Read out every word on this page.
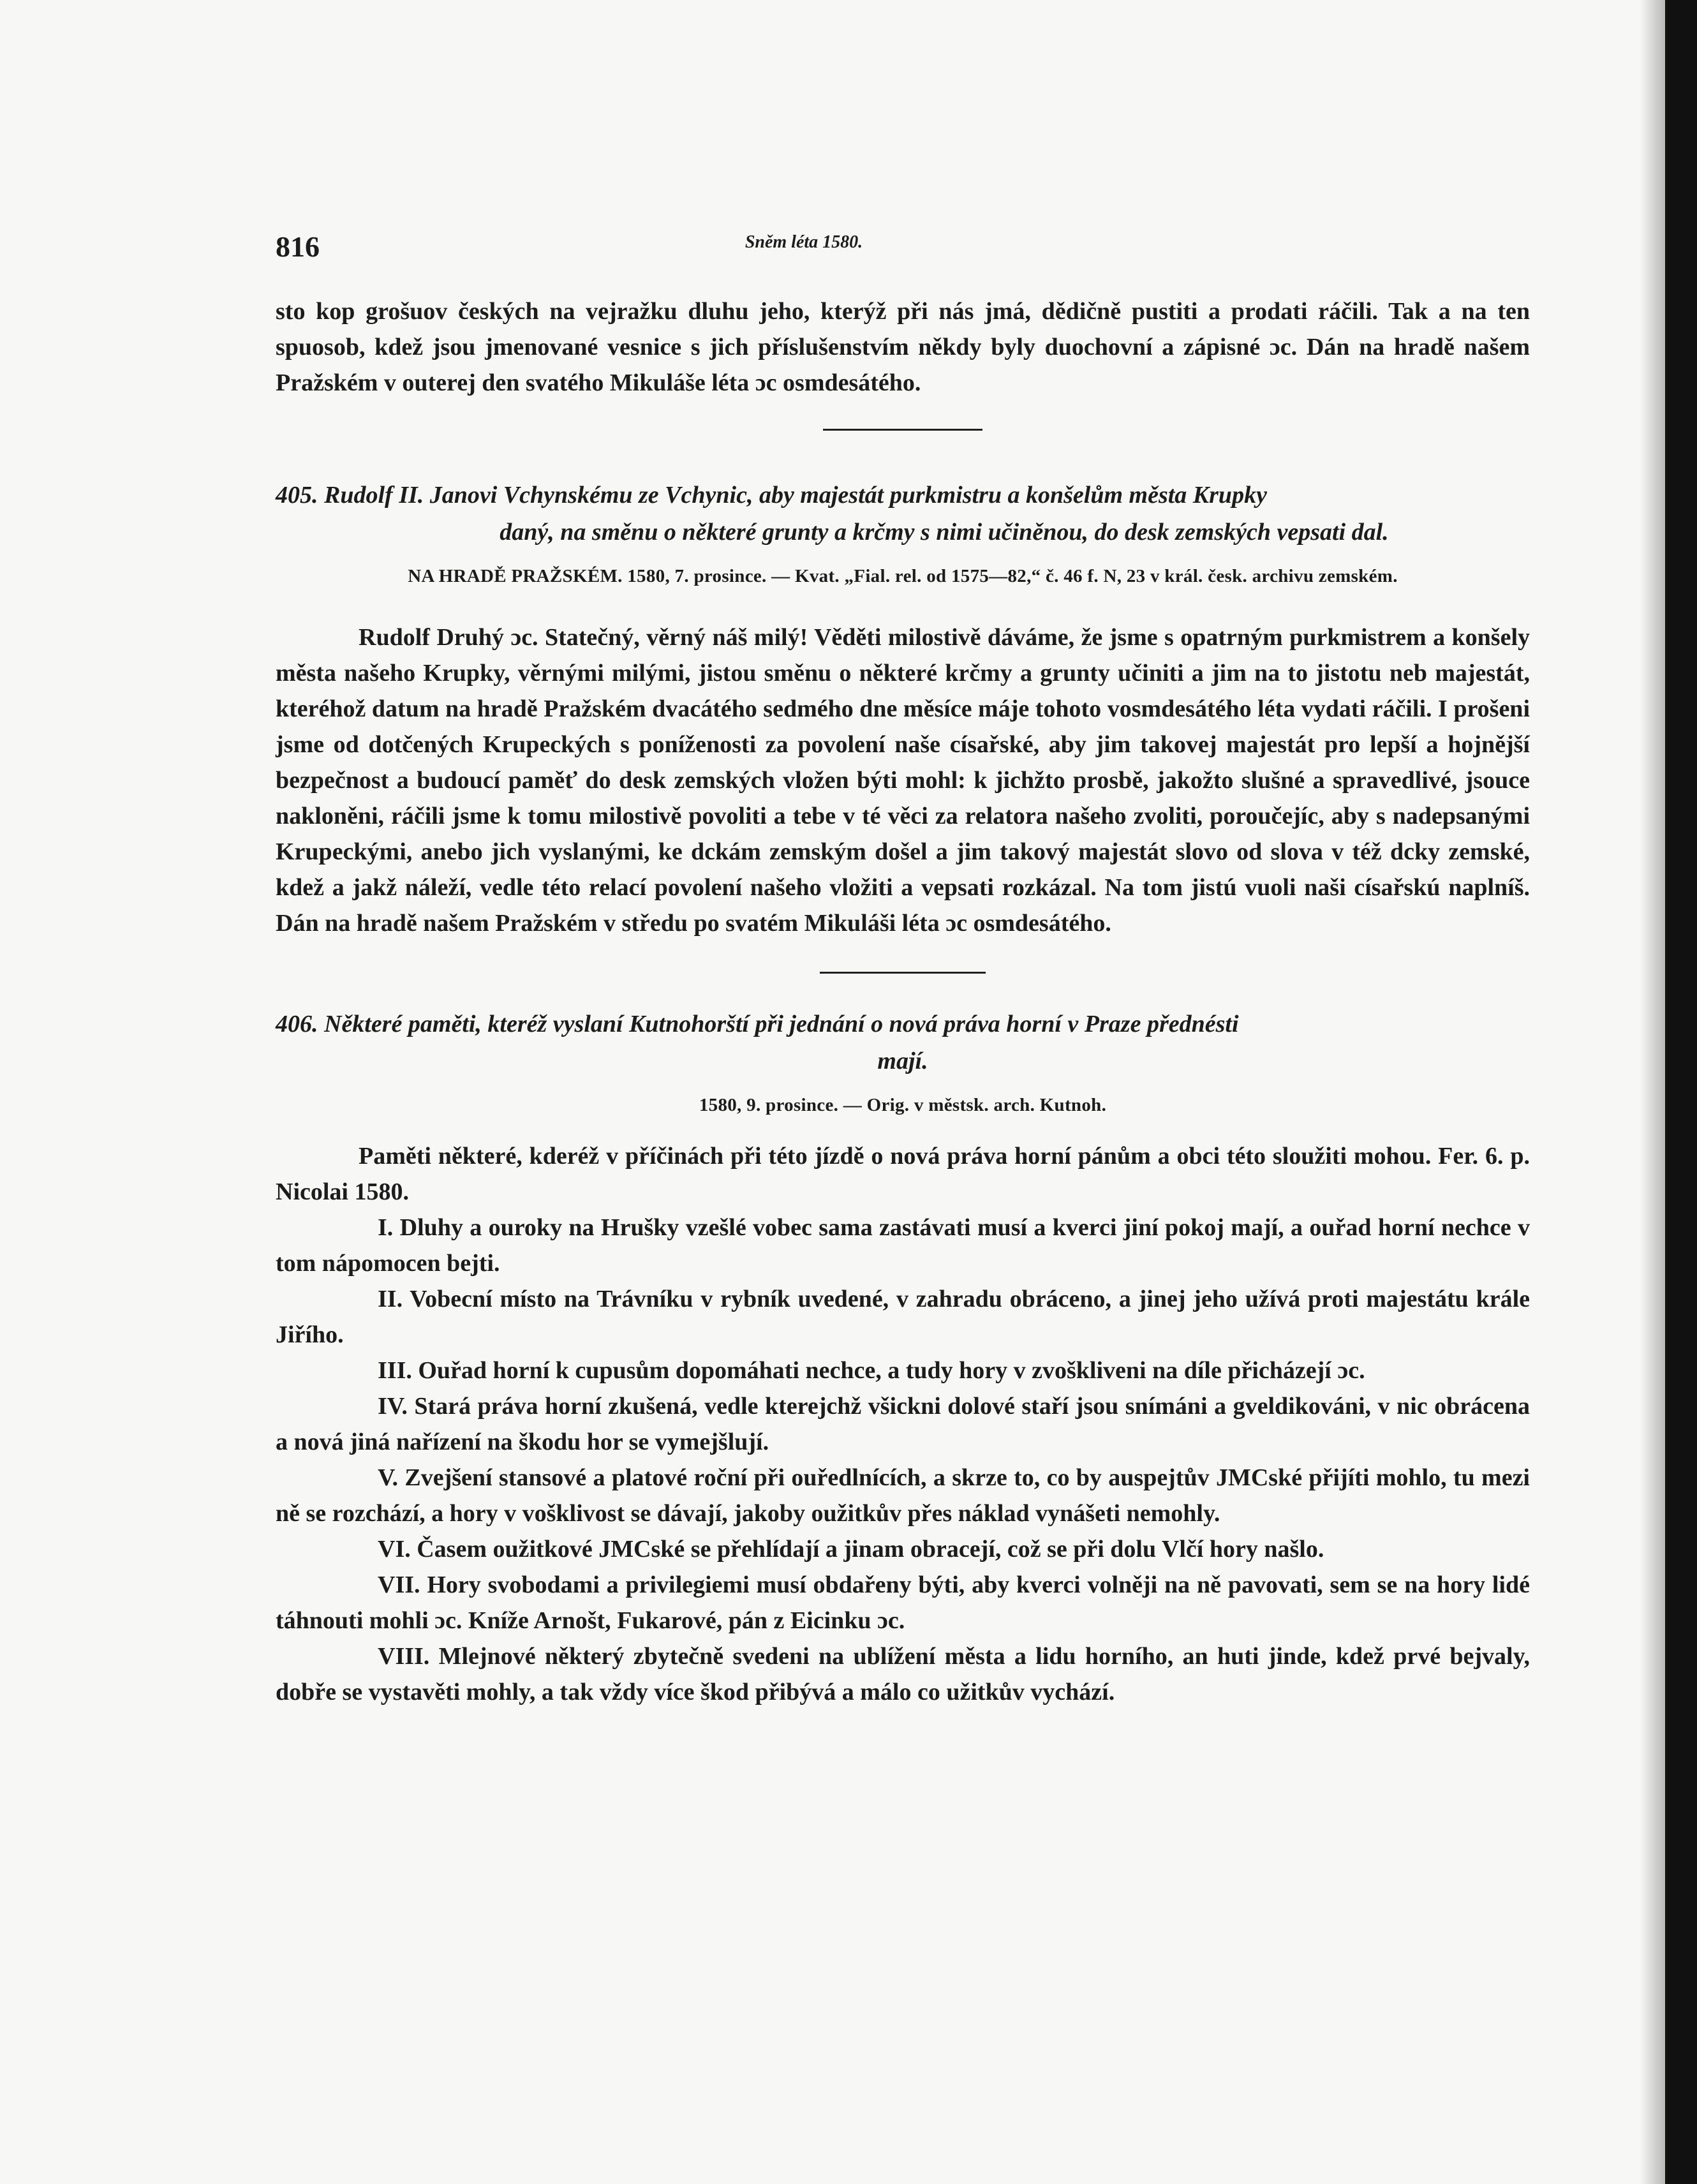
816	Sněm léta 1580.

sto kop grošuov českých na vejražku dluhu jeho, kterýž při nás jmá, dědičně pustiti a prodati ráčili. Tak a na ten spuosob, kdež jsou jmenované vesnice s jich příslušenstvím někdy byly duochovní a zápisné ɔc. Dán na hradě našem Pražském v outerej den svatého Mikuláše léta ɔc osmdesátého.

405. Rudolf II. Janovi Vchynskému ze Vchynic, aby majestát purkmistru a konšelům města Krupky
daný, na směnu o některé grunty a krčmy s nimi učiněnou, do desk zemských vepsati dal.

NA HRADĚ PRAŽSKÉM. 1580, 7. prosince. — Kvat. „Fial. rel. od 1575—82,“ č. 46 f. N, 23 v král. česk. archivu zemském.

Rudolf Druhý ɔc. Statečný, věrný náš milý! Věděti milostivě dáváme, že jsme s opatrným purkmistrem a konšely města našeho Krupky, věrnými milými, jistou směnu o některé krčmy a grunty učiniti a jim na to jistotu neb majestát, kteréhož datum na hradě Pražském dvacátého sedmého dne měsíce máje tohoto vosmdesátého léta vydati ráčili. I prošeni jsme od dotčených Krupeckých s poníženosti za povolení naše císařské, aby jim takovej majestát pro lepší a hojnější bezpečnost a budoucí paměť do desk zemských vložen býti mohl: k jichžto prosbě, jakožto slušné a spravedlivé, jsouce nakloněni, ráčili jsme k tomu milostivě povoliti a tebe v té věci za relatora našeho zvoliti, poroučejíc, aby s nadepsanými Krupeckými, anebo jich vyslanými, ke dckám zemským došel a jim takový majestát slovo od slova v též dcky zemské, kdež a jakž náleží, vedle této relací povolení našeho vložiti a vepsati rozkázal. Na tom jistú vuoli naši císařskú naplníš. Dán na hradě našem Pražském v středu po svatém Mikuláši léta ɔc osmdesátého.

406. Některé paměti, kteréž vyslaní Kutnohorští při jednání o nová práva horní v Praze přednésti
mají.

1580, 9. prosince. — Orig. v městsk. arch. Kutnoh.

Paměti některé, kderéž v příčinách při této jízdě o nová práva horní pánům a obci této sloužiti mohou. Fer. 6. p. Nicolai 1580.

I. Dluhy a ouroky na Hrušky vzešlé vobec sama zastávati musí a kverci jiní pokoj mají, a ouřad horní nechce v tom nápomocen bejti.

II. Vobecní místo na Trávníku v rybník uvedené, v zahradu obráceno, a jinej jeho užívá proti majestátu krále Jiřího.

III. Ouřad horní k cupusům dopomáhati nechce, a tudy hory v zvoškliveni na díle přicházejí ɔc.

IV. Stará práva horní zkušená, vedle kterejchž všickni dolové staří jsou snímáni a gveldikováni, v nic obrácena a nová jiná nařízení na škodu hor se vymejšlují.

V. Zvejšení stansové a platové roční při ouředlnících, a skrze to, co by auspejtův JMCské přijíti mohlo, tu mezi ně se rozchází, a hory v vošklivost se dávají, jakoby oužitkův přes náklad vynášeti nemohly.

VI. Časem oužitkové JMCské se přehlídají a jinam obracejí, což se při dolu Vlčí hory našlo.

VII. Hory svobodami a privilegiemi musí obdařeny býti, aby kverci volněji na ně pavovati, sem se na hory lidé táhnouti mohli ɔc. Kníže Arnošt, Fukarové, pán z Eicinku ɔc.

VIII. Mlejnové některý zbytečně svedeni na ublížení města a lidu horního, an huti jinde, kdež prvé bejvaly, dobře se vystavěti mohly, a tak vždy více škod přibývá a málo co užitkův vychází.
